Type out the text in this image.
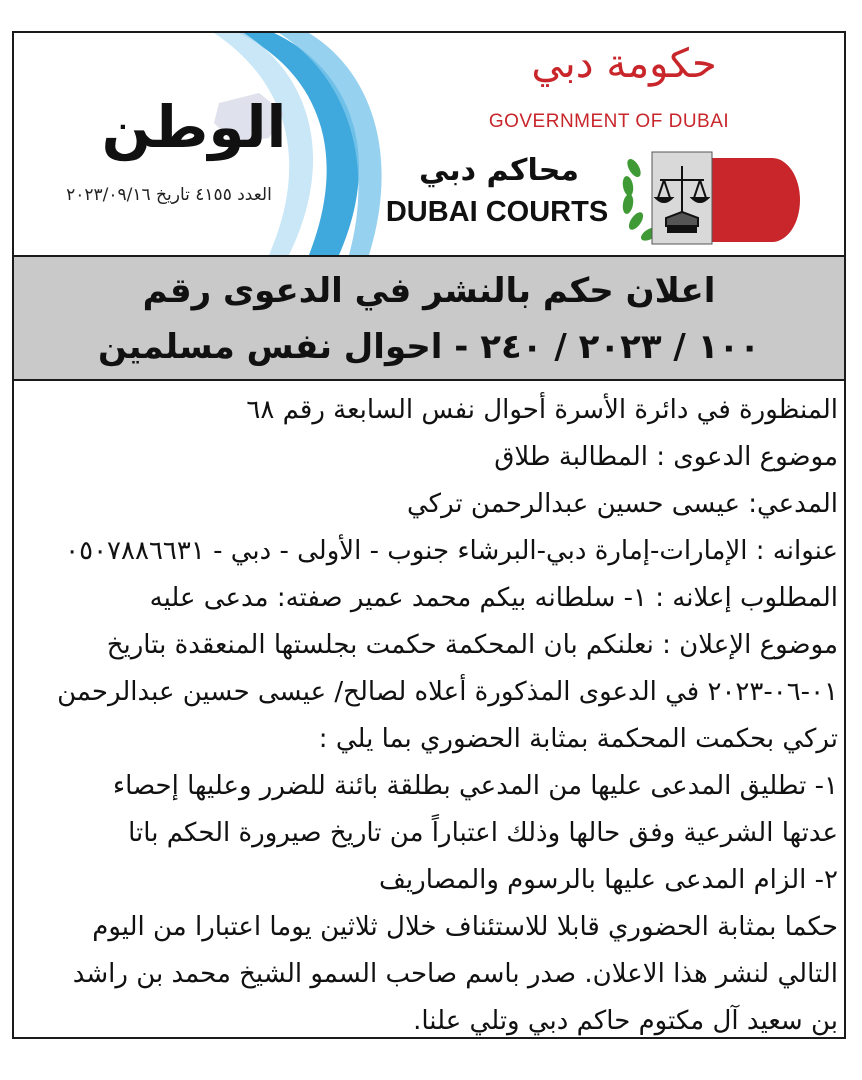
الوطن
العدد ٤١٥٥ تاريخ ٢٠٢٣/٠٩/١٦
حكومة دبي
GOVERNMENT OF DUBAI
محاكم دبي
DUBAI COURTS
اعلان حكم بالنشر في الدعوى رقم
١٠٠ / ٢٠٢٣ / ٢٤٠ - احوال نفس مسلمين

المنظورة في دائرة الأسرة أحوال نفس السابعة رقم ٦٨

موضوع الدعوى : المطالبة طلاق

المدعي: عيسى حسين عبدالرحمن تركي

عنوانه : الإمارات-إمارة دبي-البرشاء جنوب - الأولى - دبي - ٠٥٠٧٨٨٦٦٣١

المطلوب إعلانه : ١- سلطانه بيكم محمد عمير صفته: مدعى عليه

موضوع الإعلان : نعلنكم بان المحكمة حكمت بجلستها المنعقدة بتاريخ

٠١-٠٦-٢٠٢٣ في الدعوى المذكورة أعلاه لصالح/ عيسى حسين عبدالرحمن

تركي بحكمت المحكمة بمثابة الحضوري بما يلي :

١- تطليق المدعى عليها من المدعي بطلقة بائنة للضرر وعليها إحصاء

عدتها الشرعية وفق حالها وذلك اعتباراً من تاريخ صيرورة الحكم باتا

٢- الزام المدعى عليها بالرسوم والمصاريف

حكما بمثابة الحضوري قابلا للاستئناف خلال ثلاثين يوما اعتبارا من اليوم

التالي لنشر هذا الاعلان. صدر باسم صاحب السمو الشيخ محمد بن راشد

بن سعيد آل مكتوم حاكم دبي وتلي علنا.
